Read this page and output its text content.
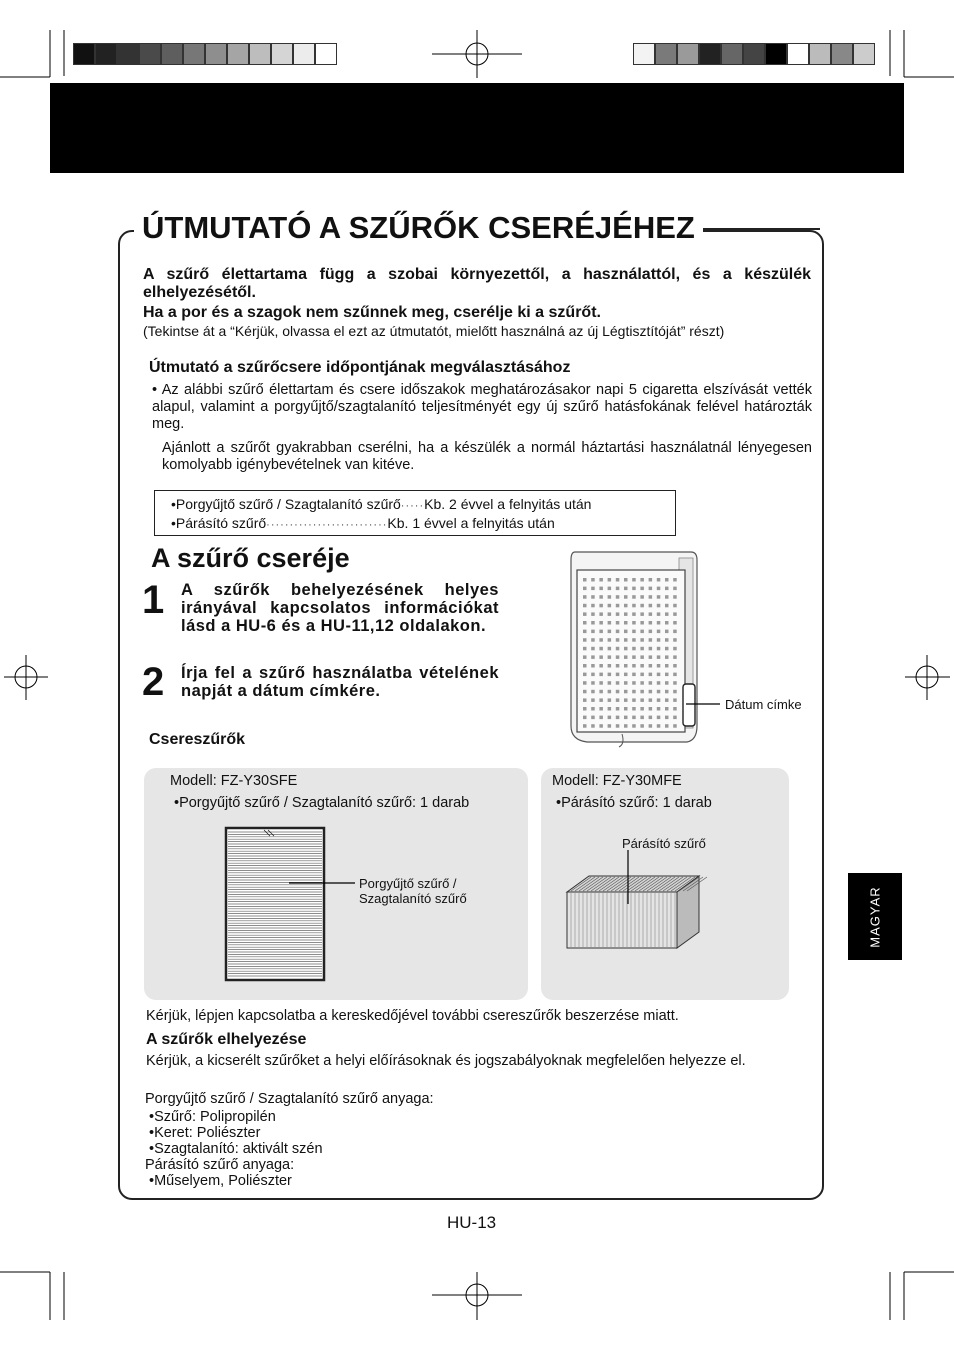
ÚTMUTATÓ A SZŰRŐK CSERÉJÉHEZ
A szűrő élettartama függ a szobai környezettől, a használattól, és a készülék elhelyezésétől.
Ha a por és a szagok nem szűnnek meg, cserélje ki a szűrőt.
(Tekintse át a “Kérjük, olvassa el ezt az útmutatót, mielőtt használná az új Légtisztítóját” részt)
Útmutató a szűrőcsere időpontjának megválasztásához
• Az alábbi szűrő élettartam és csere időszakok meghatározásakor napi 5 cigaretta elszívását vették alapul, valamint a porgyűjtő/szagtalanító teljesítményét egy új szűrő hatásfokának felével határozták meg.
Ajánlott a szűrőt gyakrabban cserélni, ha a készülék a normál háztartási használatnál lényegesen komolyabb igénybevételnek van kitéve.
•Porgyűjtő szűrő / Szagtalanító szűrő·····Kb. 2 évvel a felnyitás után
•Párásító szűrő··························Kb. 1 évvel a felnyitás után
A szűrő cseréje
1 A szűrők behelyezésének helyes irányával kapcsolatos információkat lásd a HU-6 és a HU-11,12 oldalakon.
2 Írja fel a szűrő használatba vételének napját a dátum címkére.
Dátum címke
Csereszűrők
Modell: FZ-Y30SFE
•Porgyűjtő szűrő / Szagtalanító szűrő: 1 darab
Modell: FZ-Y30MFE
•Párásító szűrő: 1 darab
Porgyűjtő szűrő /
Szagtalanító szűrő
Párásító szűrő
Kérjük, lépjen kapcsolatba a kereskedőjével további csereszűrők beszerzése miatt.
A szűrők elhelyezése
Kérjük, a kicserélt szűrőket a helyi előírásoknak és jogszabályoknak megfelelően helyezze el.
Porgyűjtő szűrő / Szagtalanító szűrő anyaga:
•Szűrő: Polipropilén
•Keret: Poliészter
•Szagtalanító: aktivált szén
Párásító szűrő anyaga:
•Műselyem, Poliészter
HU-13
MAGYAR
